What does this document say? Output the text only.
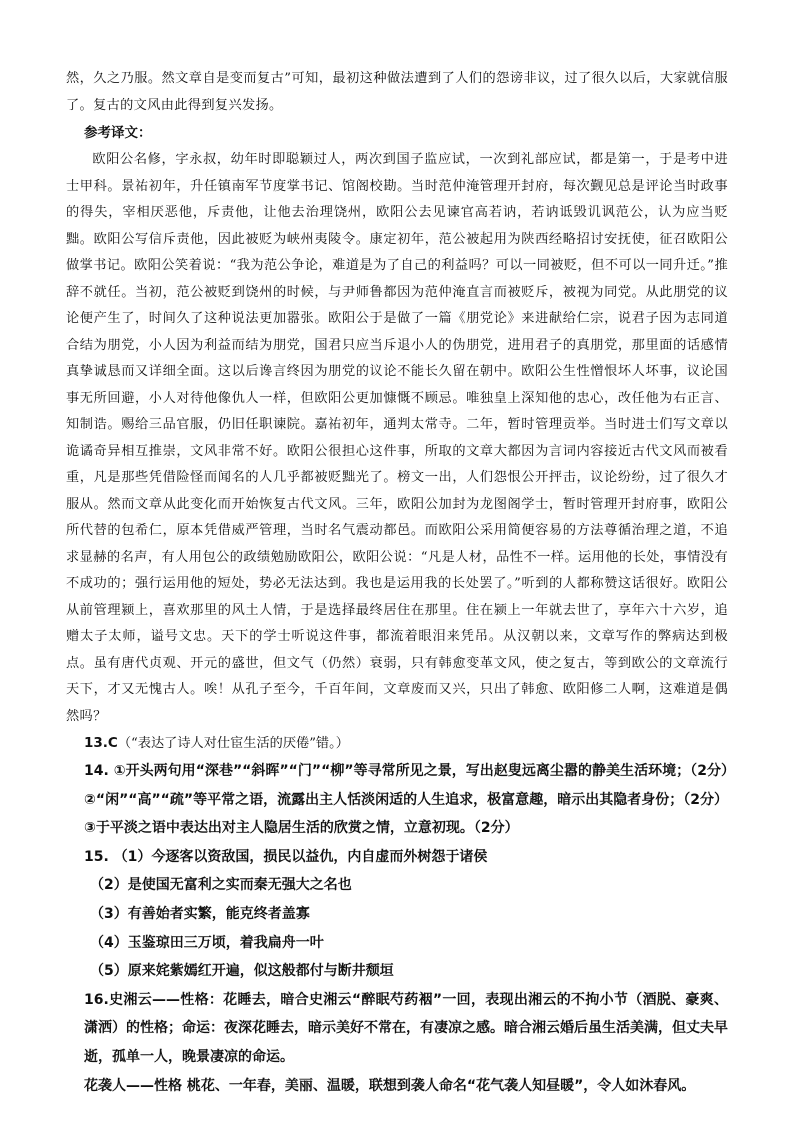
然，久之乃服。然文章自是变而复古”可知，最初这种做法遭到了人们的怨谤非议，过了很久以后，大家就信服了。复古的文风由此得到复兴发扬。

参考译文：

欧阳公名修，字永叔，幼年时即聪颖过人，两次到国子监应试，一次到礼部应试，都是第一，于是考中进士甲科。景祐初年，升任镇南军节度掌书记、馆阁校勘。当时范仲淹管理开封府，每次觐见总是评论当时政事的得失，宰相厌恶他，斥责他，让他去治理饶州，欧阳公去见谏官高若讷，若讷诋毁讥讽范公，认为应当贬黜。欧阳公写信斥责他，因此被贬为峡州夷陵令。康定初年，范公被起用为陕西经略招讨安抚使，征召欧阳公做掌书记。欧阳公笑着说：“我为范公争论，难道是为了自己的利益吗？可以一同被贬，但不可以一同升迁。”推辞不就任。当初，范公被贬到饶州的时候，与尹师鲁都因为范仲淹直言而被贬斥，被视为同党。从此朋党的议论便产生了，时间久了这种说法更加嚣张。欧阳公于是做了一篇《朋党论》来进献给仁宗，说君子因为志同道合结为朋党，小人因为利益而结为朋党，国君只应当斥退小人的伪朋党，进用君子的真朋党，那里面的话感情真挚诚恳而又详细全面。这以后谗言终因为朋党的议论不能长久留在朝中。欧阳公生性憎恨坏人坏事，议论国事无所回避，小人对待他像仇人一样，但欧阳公更加慷慨不顾忌。唯独皇上深知他的忠心，改任他为右正言、知制诰。赐给三品官服，仍旧任职谏院。嘉祐初年，通判太常寺。二年，暂时管理贡举。当时进士们写文章以诡谲奇异相互推崇，文风非常不好。欧阳公很担心这件事，所取的文章大都因为言词内容接近古代文风而被看重，凡是那些凭借险怪而闻名的人几乎都被贬黜光了。榜文一出，人们怨恨公开抨击，议论纷纷，过了很久才服从。然而文章从此变化而开始恢复古代文风。三年，欧阳公加封为龙图阁学士，暂时管理开封府事，欧阳公所代替的包希仁，原本凭借威严管理，当时名气震动都邑。而欧阳公采用简便容易的方法尊循治理之道，不追求显赫的名声，有人用包公的政绩勉励欧阳公，欧阳公说：“凡是人材，品性不一样。运用他的长处，事情没有不成功的；强行运用他的短处，势必无法达到。我也是运用我的长处罢了。”听到的人都称赞这话很好。欧阳公从前管理颍上，喜欢那里的风土人情，于是选择最终居住在那里。住在颍上一年就去世了，享年六十六岁，追赠太子太师，谥号文忠。天下的学士听说这件事，都流着眼泪来凭吊。从汉朝以来，文章写作的弊病达到极点。虽有唐代贞观、开元的盛世，但文气（仍然）衰弱，只有韩愈变革文风，使之复古，等到欧公的文章流行天下，才又无愧古人。唉！从孔子至今，千百年间，文章废而又兴，只出了韩愈、欧阳修二人啊，这难道是偶然吗？

13.C（“表达了诗人对仕宦生活的厌倦”错。）

14. ①开头两句用“深巷”“斜晖”“门”“柳”等寻常所见之景，写出赵叟远离尘嚣的静美生活环境；（2分）②“闲”“高”“疏”等平常之语，流露出主人恬淡闲适的人生追求，极富意趣，暗示出其隐者身份；（2分）③于平淡之语中表达出对主人隐居生活的欣赏之情，立意初现。（2分）

15. （1）今逐客以资敌国，损民以益仇，内自虚而外树怨于诸侯

（2）是使国无富利之实而秦无强大之名也

（3）有善始者实繁，能克终者盖寡

（4）玉鉴琼田三万顷，着我扁舟一叶

（5）原来姹紫嫣红开遍，似这般都付与断井颓垣

16.史湘云——性格：花睡去，暗合史湘云“醉眠芍药裀”一回，表现出湘云的不拘小节（酒脱、豪爽、潇洒）的性格；命运：夜深花睡去，暗示美好不常在，有凄凉之感。暗合湘云婚后虽生活美满，但丈夫早逝，孤单一人，晚景凄凉的命运。

花袭人——性格 桃花、一年春，美丽、温暖，联想到袭人命名“花气袭人知昼暖”，令人如沐春风。
